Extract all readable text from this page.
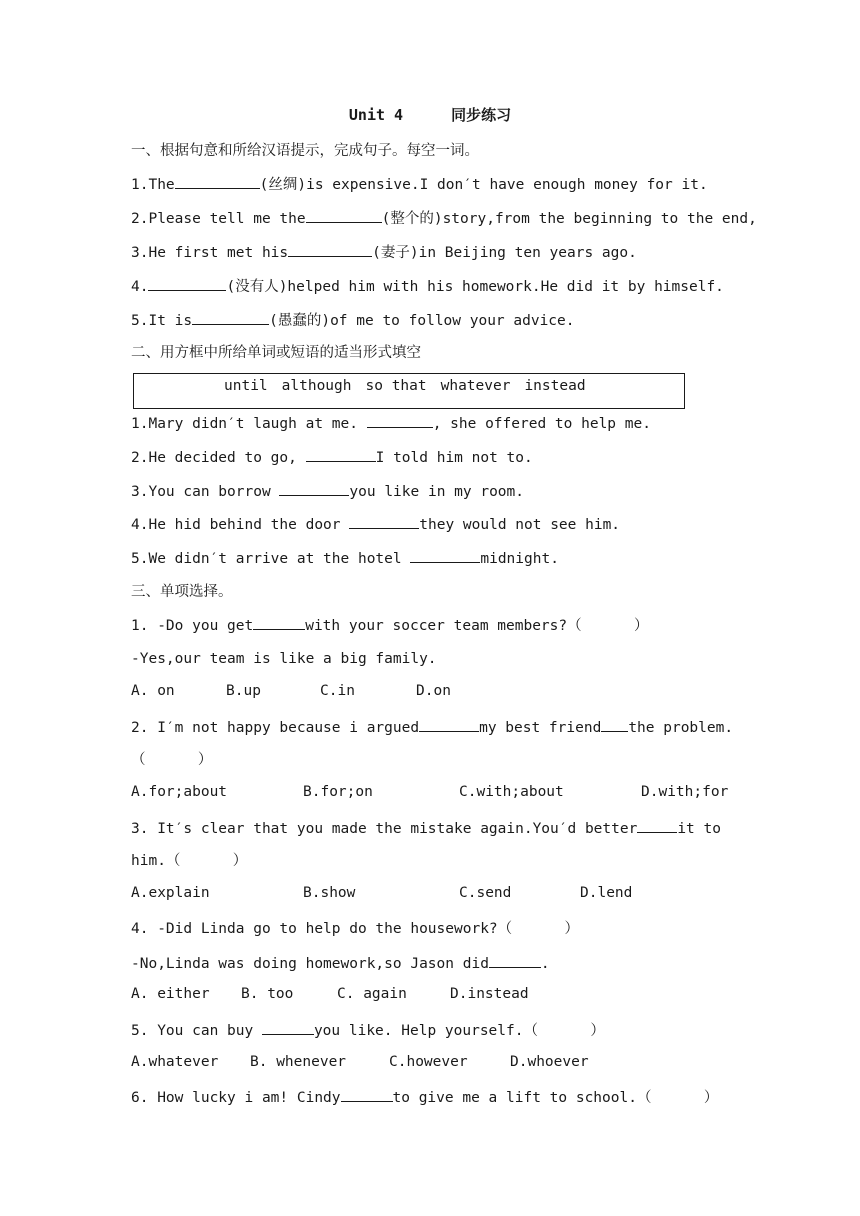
Unit 4	同步练习
一、根据句意和所给汉语提示，完成句子。每空一词。
1.The	(丝绸)is expensive.I don′t have enough money for it.
2.Please tell me the	(整个的)story,from the beginning to the end,
3.He first met his	(妻子)in Beijing ten years ago.
4.	(没有人)helped him with his homework.He did it by himself.
5.It is	(愚蠢的)of me to follow your advice.
二、用方框中所给单词或短语的适当形式填空
until although so that whatever instead
1.Mary didn′t laugh at me.	, she offered to help me.
2.He decided to go,	I told him not to.
3.You can borrow	you like in my room.
4.He hid behind the door	they would not see him.
5.We didn′t arrive at the hotel	midnight.
三、单项选择。
1. -Do you get	with your soccer team members?（      ）
-Yes,our team is like a big family.
A. on	B.up	C.in	D.on
2. I′m not happy because i argued	my best friend the problem.
（      ）
A.for;about	B.for;on	C.with;about	D.with;for
3. It′s clear that you made the mistake again.You′d better	it to
him.（      ）
A.explain	B.show	C.send	D.lend
4. -Did Linda go to help do the housework?（      ）
-No,Linda was doing homework,so Jason did	.
A. either B. too	C. again	D.instead
5. You can buy	you like. Help yourself.（      ）
A.whatever B. whenever	C.however	D.whoever
6. How lucky i am! Cindy	to give me a lift to school.（      ）
